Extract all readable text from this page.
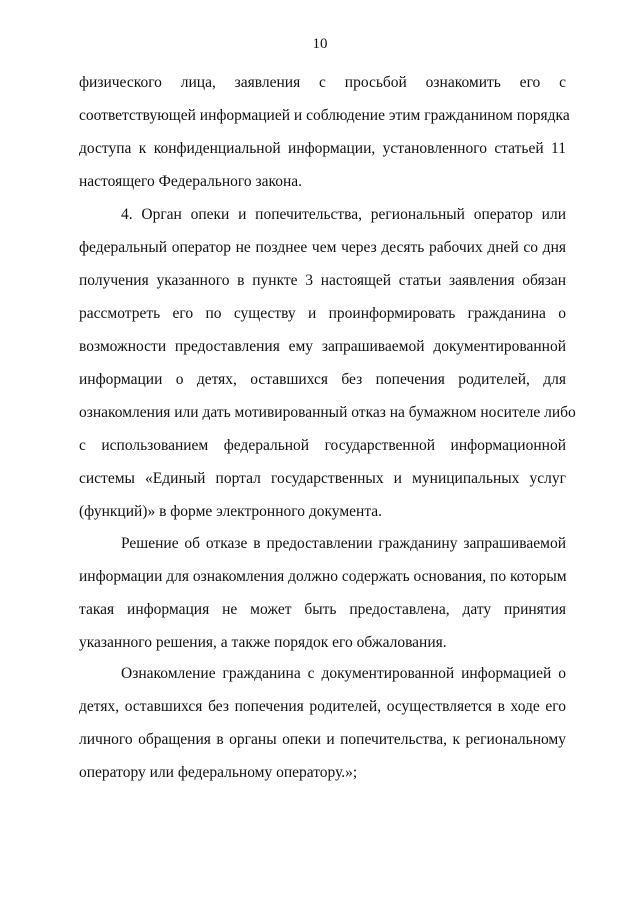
10
физического лица, заявления с просьбой ознакомить его с
соответствующей информацией и соблюдение этим гражданином порядка
доступа к конфиденциальной информации, установленного статьей 11
настоящего Федерального закона.
4. Орган опеки и попечительства, региональный оператор или
федеральный оператор не позднее чем через десять рабочих дней со дня
получения указанного в пункте 3 настоящей статьи заявления обязан
рассмотреть его по существу и проинформировать гражданина о
возможности предоставления ему запрашиваемой документированной
информации о детях, оставшихся без попечения родителей, для
ознакомления или дать мотивированный отказ на бумажном носителе либо
с использованием федеральной государственной информационной
системы «Единый портал государственных и муниципальных услуг
(функций)» в форме электронного документа.
Решение об отказе в предоставлении гражданину запрашиваемой
информации для ознакомления должно содержать основания, по которым
такая информация не может быть предоставлена, дату принятия
указанного решения, а также порядок его обжалования.
Ознакомление гражданина с документированной информацией о
детях, оставшихся без попечения родителей, осуществляется в ходе его
личного обращения в органы опеки и попечительства, к региональному
оператору или федеральному оператору.»;
